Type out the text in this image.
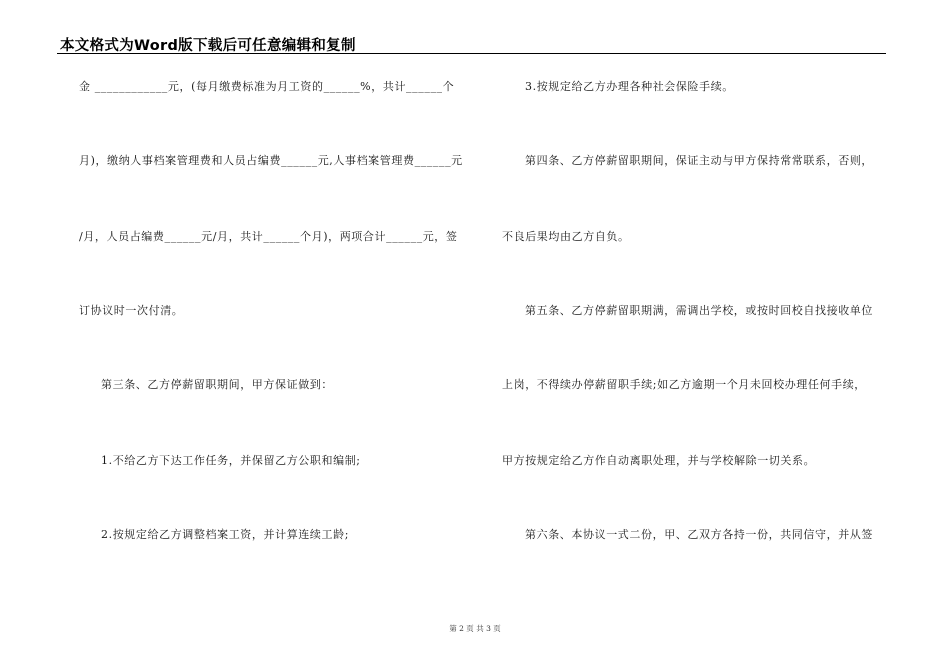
本文格式为Word版下载后可任意编辑和复制
金 ____________元，(每月缴费标准为月工资的______%，共计______个
月)，缴纳人事档案管理费和人员占编费______元,人事档案管理费______元
/月，人员占编费______元/月，共计______个月)，两项合计______元，签
订协议时一次付清。
第三条、乙方停薪留职期间，甲方保证做到：
1.不给乙方下达工作任务，并保留乙方公职和编制;
2.按规定给乙方调整档案工资，并计算连续工龄;
3.按规定给乙方办理各种社会保险手续。
第四条、乙方停薪留职期间，保证主动与甲方保持常常联系，否则，
不良后果均由乙方自负。
第五条、乙方停薪留职期满，需调出学校，或按时回校自找接收单位
上岗，不得续办停薪留职手续;如乙方逾期一个月未回校办理任何手续，
甲方按规定给乙方作自动离职处理，并与学校解除一切关系。
第六条、本协议一式二份，甲、乙双方各持一份，共同信守，并从签
第 2 页 共 3 页
